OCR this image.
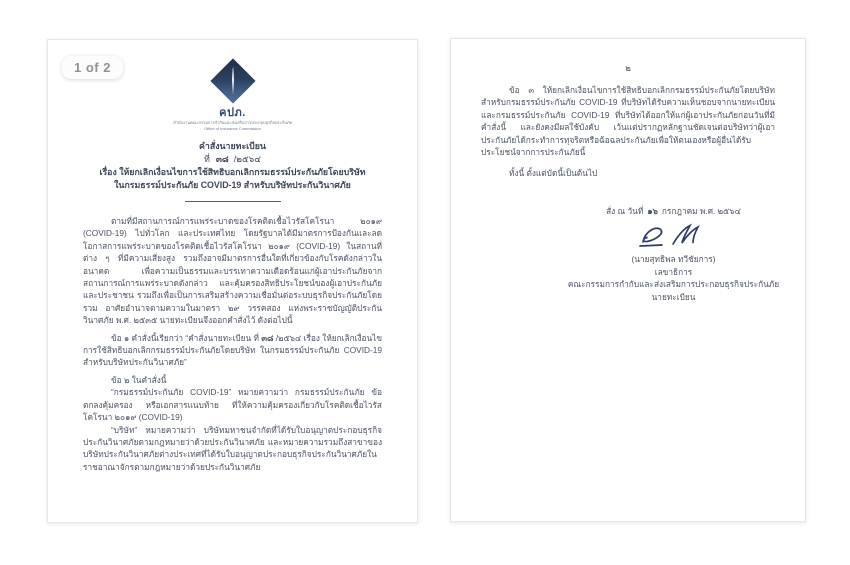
1 of 2
คปภ.
สำนักงานคณะกรรมการกำกับและส่งเสริมการประกอบธุรกิจประกันภัย
Office of Insurance Commission
คำสั่งนายทะเบียน
ที่ ๓๘ /๒๕๖๔
เรื่อง ให้ยกเลิกเงื่อนไขการใช้สิทธิบอกเลิกกรมธรรม์ประกันภัยโดยบริษัท
ในกรมธรรม์ประกันภัย COVID-19 สำหรับบริษัทประกันวินาศภัย

ตามที่มีสถานการณ์การแพร่ระบาดของโรคติดเชื้อไวรัสโคโรนา ๒๐๑๙ (COVID-19) ไปทั่วโลก และประเทศไทย โดยรัฐบาลได้มีมาตรการป้องกันและลดโอกาสการแพร่ระบาดของโรคติดเชื้อไวรัสโคโรนา ๒๐๑๙ (COVID-19) ในสถานที่ต่าง ๆ ที่มีความเสี่ยงสูง รวมถึงอาจมีมาตรการอื่นใดที่เกี่ยวข้องกับโรคดังกล่าวในอนาคต เพื่อความเป็นธรรมและบรรเทาความเดือดร้อนแก่ผู้เอาประกันภัยจากสถานการณ์การแพร่ระบาดดังกล่าว และคุ้มครองสิทธิประโยชน์ของผู้เอาประกันภัยและประชาชน รวมถึงเพื่อเป็นการเสริมสร้างความเชื่อมั่นต่อระบบธุรกิจประกันภัยโดยรวม อาศัยอำนาจตามความในมาตรา ๒๙ วรรคสอง แห่งพระราชบัญญัติประกันวินาศภัย พ.ศ. ๒๕๓๕ นายทะเบียนจึงออกคำสั่งไว้ ดังต่อไปนี้

ข้อ ๑ คำสั่งนี้เรียกว่า “คำสั่งนายทะเบียน ที่ ๓๘ /๒๕๖๔ เรื่อง ให้ยกเลิกเงื่อนไขการใช้สิทธิบอกเลิกกรมธรรม์ประกันภัยโดยบริษัท ในกรมธรรม์ประกันภัย COVID-19 สำหรับบริษัทประกันวินาศภัย”

ข้อ ๒ ในคำสั่งนี้

“กรมธรรม์ประกันภัย COVID-19” หมายความว่า กรมธรรม์ประกันภัย ข้อตกลงคุ้มครอง หรือเอกสารแนบท้าย ที่ให้ความคุ้มครองเกี่ยวกับโรคติดเชื้อไวรัสโคโรนา ๒๐๑๙ (COVID-19)

“บริษัท” หมายความว่า บริษัทมหาชนจำกัดที่ได้รับใบอนุญาตประกอบธุรกิจประกันวินาศภัยตามกฎหมายว่าด้วยประกันวินาศภัย และหมายความรวมถึงสาขาของบริษัทประกันวินาศภัยต่างประเทศที่ได้รับใบอนุญาตประกอบธุรกิจประกันวินาศภัยในราชอาณาจักรตามกฎหมายว่าด้วยประกันวินาศภัย

๒

ข้อ ๓ ให้ยกเลิกเงื่อนไขการใช้สิทธิบอกเลิกกรมธรรม์ประกันภัยโดยบริษัท สำหรับกรมธรรม์ประกันภัย COVID-19 ที่บริษัทได้รับความเห็นชอบจากนายทะเบียน และกรมธรรม์ประกันภัย COVID-19 ที่บริษัทได้ออกให้แก่ผู้เอาประกันภัยก่อนวันที่มีคำสั่งนี้ และยังคงมีผลใช้บังคับ เว้นแต่ปรากฏหลักฐานชัดเจนต่อบริษัทว่าผู้เอาประกันภัยได้กระทำการทุจริตหรือฉ้อฉลประกันภัยเพื่อให้ตนเองหรือผู้อื่นได้รับประโยชน์จากการประกันภัยนี้

ทั้งนี้ ตั้งแต่บัดนี้เป็นต้นไป

สั่ง ณ วันที่ ๑๖ กรกฎาคม พ.ศ. ๒๕๖๔
(นายสุทธิพล ทวีชัยการ)
เลขาธิการ
คณะกรรมการกำกับและส่งเสริมการประกอบธุรกิจประกันภัย
นายทะเบียน
